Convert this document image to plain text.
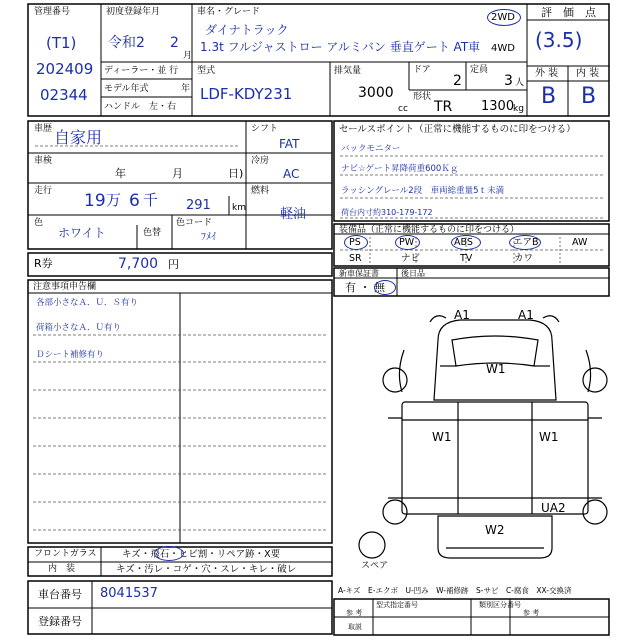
管理番号
(T1)
202409
02344
初度登録年月
令和2 2
月
ディーラー・並 行
モデル年式	年
ハンドル　左・右
車名・グレード
ダイナトラック
1.3t フルジャストロー アルミバン 垂直ゲート AT車
2WD
4WD
型式
LDF-KDY231
排気量
3000
cc
ドア
2
定員
3 人
形状
TR 1300
kg
評　価　点
(3.5)
外 装 内 装
B B
車歴 自家用
車検
年	月	日)
走行 19 万 6 千 291 km
色
ホワイト	色替
色コード
ﾌﾒｲ
シフト
FAT
冷房
AC
燃料
軽油
R券	7,700 円
注意事項申告欄
各部小さなＡ．Ｕ．Ｓ有り
荷箱小さなＡ．Ｕ有り
Ｄシート補修有り
フロントガラス	キズ・飛石・ヒビ割・リペア跡・X要
内　装	キズ・汚レ・コゲ・穴・スレ・キレ・破レ
車台番号 8041537
登録番号
セールスポイント（正常に機能するものに印をつける）
バックモニター
ナビ☆ゲート昇降荷重600Ｋｇ
ラッシングレール2段　車両総重量5ｔ未満
荷台内寸約310-179-172
装備品（正常に機能するものに印をつける）
PS	PW	ABS	エアB	AW
SR	ナビ	TV	カワ
新車保証書	後日品
有 ・ 無
A1	A1
W1
W1	W1
W2
UA2
スペア
A-キズ　E-エクボ　U-凹み　W-補修跡　S-サビ　C-腐食　XX-交換済
型式指定番号
参 考
類別区分番号
参 考
取説
